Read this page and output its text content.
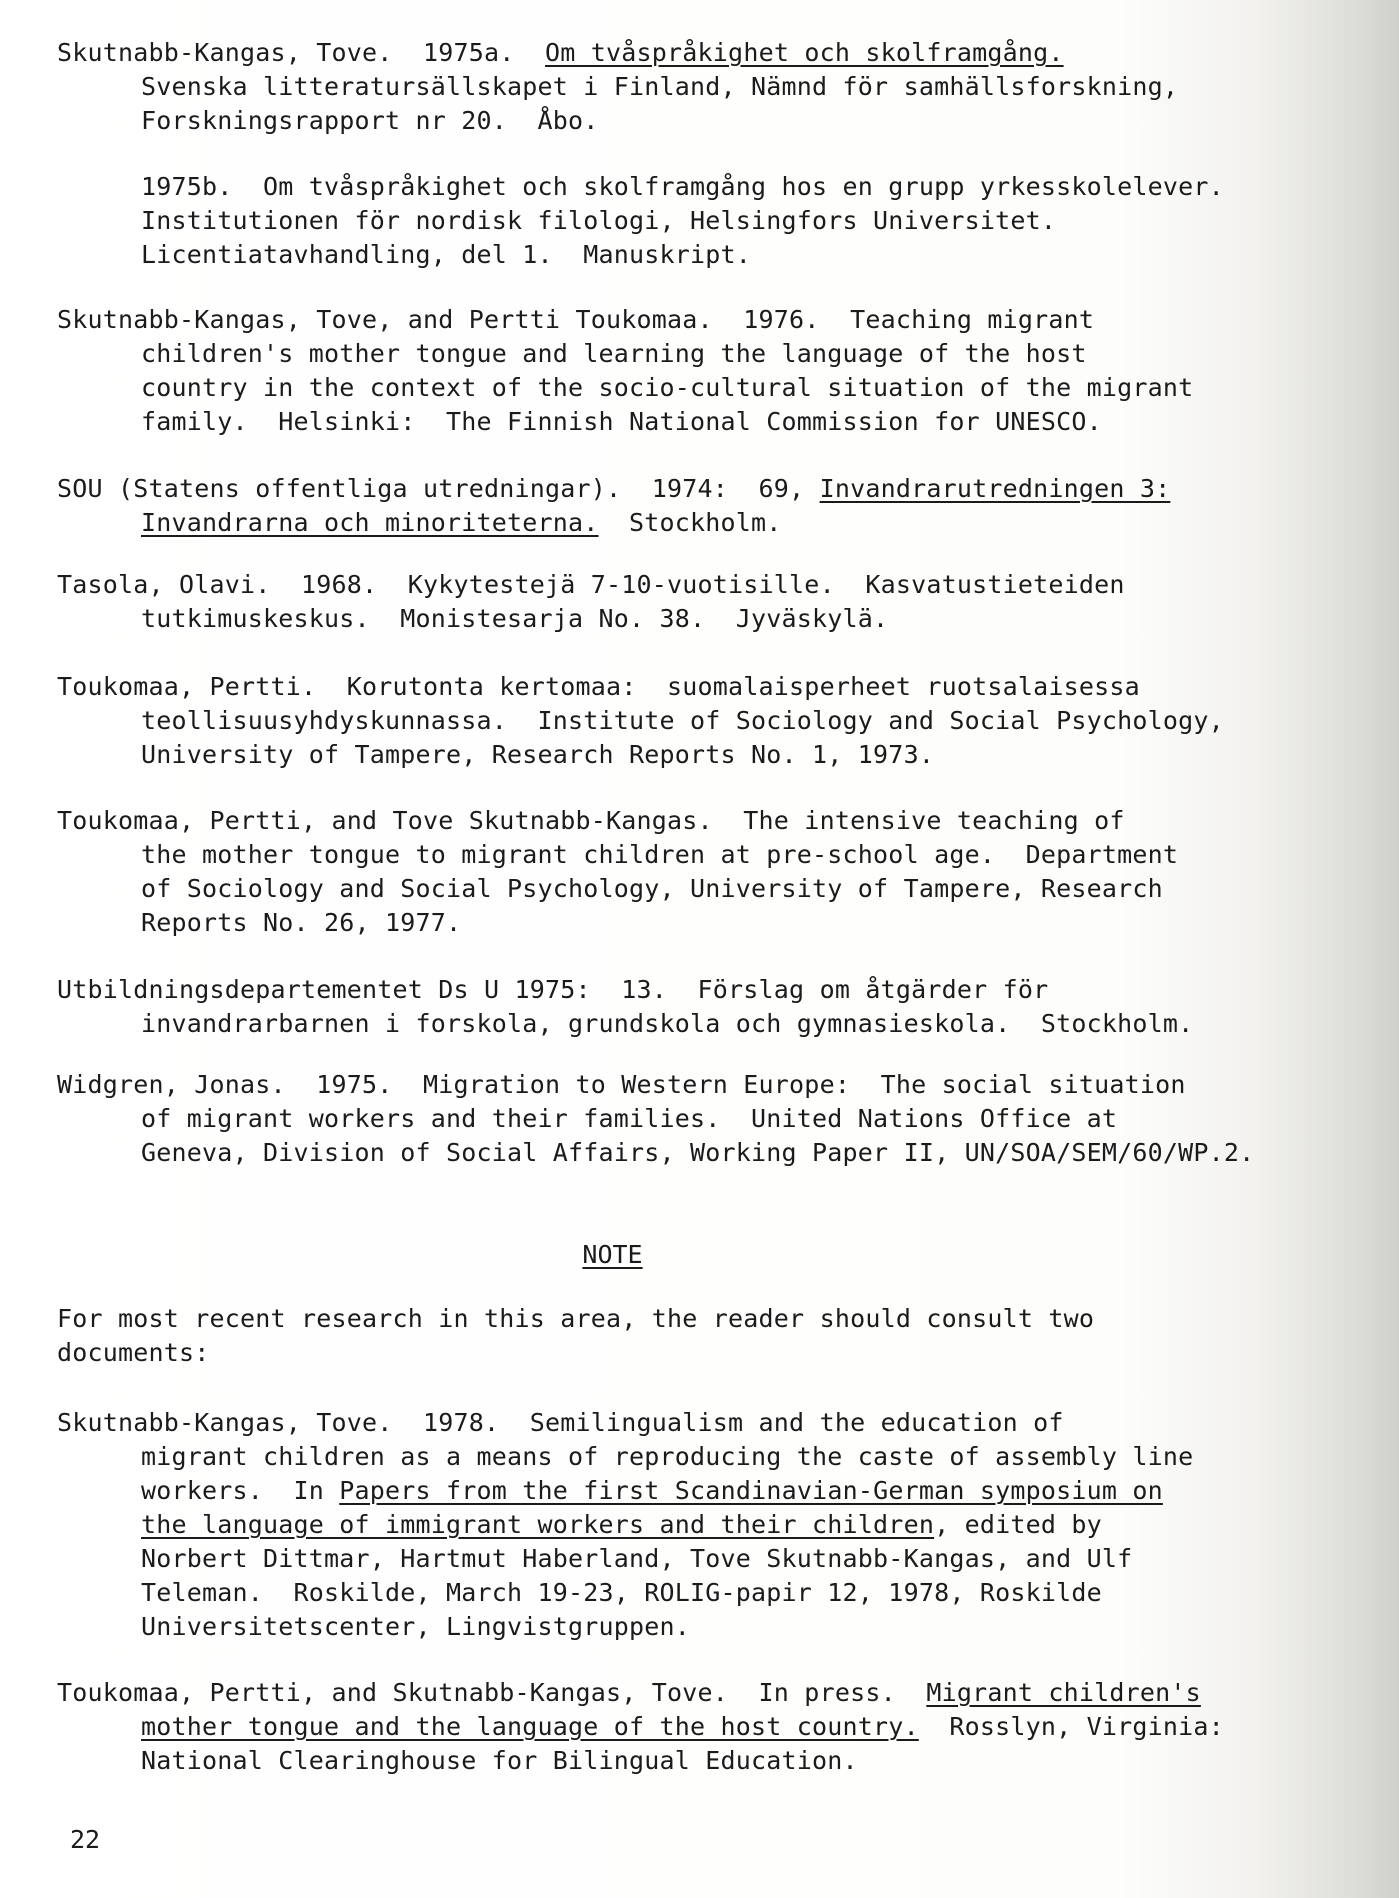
Skutnabb-Kangas, Tove.  1975a.  Om tvåspråkighet och skolframgång.
Svenska litteratursällskapet i Finland, Nämnd för samhällsforskning,
Forskningsrapport nr 20.  Åbo.
1975b.  Om tvåspråkighet och skolframgång hos en grupp yrkesskolelever.
Institutionen för nordisk filologi, Helsingfors Universitet.
Licentiatavhandling, del 1.  Manuskript.
Skutnabb-Kangas, Tove, and Pertti Toukomaa.  1976.  Teaching migrant
children's mother tongue and learning the language of the host
country in the context of the socio-cultural situation of the migrant
family.  Helsinki:  The Finnish National Commission for UNESCO.
SOU (Statens offentliga utredningar).  1974:  69, Invandrarutredningen 3:
Invandrarna och minoriteterna.  Stockholm.
Tasola, Olavi.  1968.  Kykytestejä 7-10-vuotisille.  Kasvatustieteiden
tutkimuskeskus.  Monistesarja No. 38.  Jyväskylä.
Toukomaa, Pertti.  Korutonta kertomaa:  suomalaisperheet ruotsalaisessa
teollisuusyhdyskunnassa.  Institute of Sociology and Social Psychology,
University of Tampere, Research Reports No. 1, 1973.
Toukomaa, Pertti, and Tove Skutnabb-Kangas.  The intensive teaching of
the mother tongue to migrant children at pre-school age.  Department
of Sociology and Social Psychology, University of Tampere, Research
Reports No. 26, 1977.
Utbildningsdepartementet Ds U 1975:  13.  Förslag om åtgärder för
invandrarbarnen i forskola, grundskola och gymnasieskola.  Stockholm.
Widgren, Jonas.  1975.  Migration to Western Europe:  The social situation
of migrant workers and their families.  United Nations Office at
Geneva, Division of Social Affairs, Working Paper II, UN/SOA/SEM/60/WP.2.
NOTE
For most recent research in this area, the reader should consult two
documents:
Skutnabb-Kangas, Tove.  1978.  Semilingualism and the education of
migrant children as a means of reproducing the caste of assembly line
workers.  In Papers from the first Scandinavian-German symposium on
the language of immigrant workers and their children, edited by
Norbert Dittmar, Hartmut Haberland, Tove Skutnabb-Kangas, and Ulf
Teleman.  Roskilde, March 19-23, ROLIG-papir 12, 1978, Roskilde
Universitetscenter, Lingvistgruppen.
Toukomaa, Pertti, and Skutnabb-Kangas, Tove.  In press.  Migrant children's
mother tongue and the language of the host country.  Rosslyn, Virginia:
National Clearinghouse for Bilingual Education.
22
